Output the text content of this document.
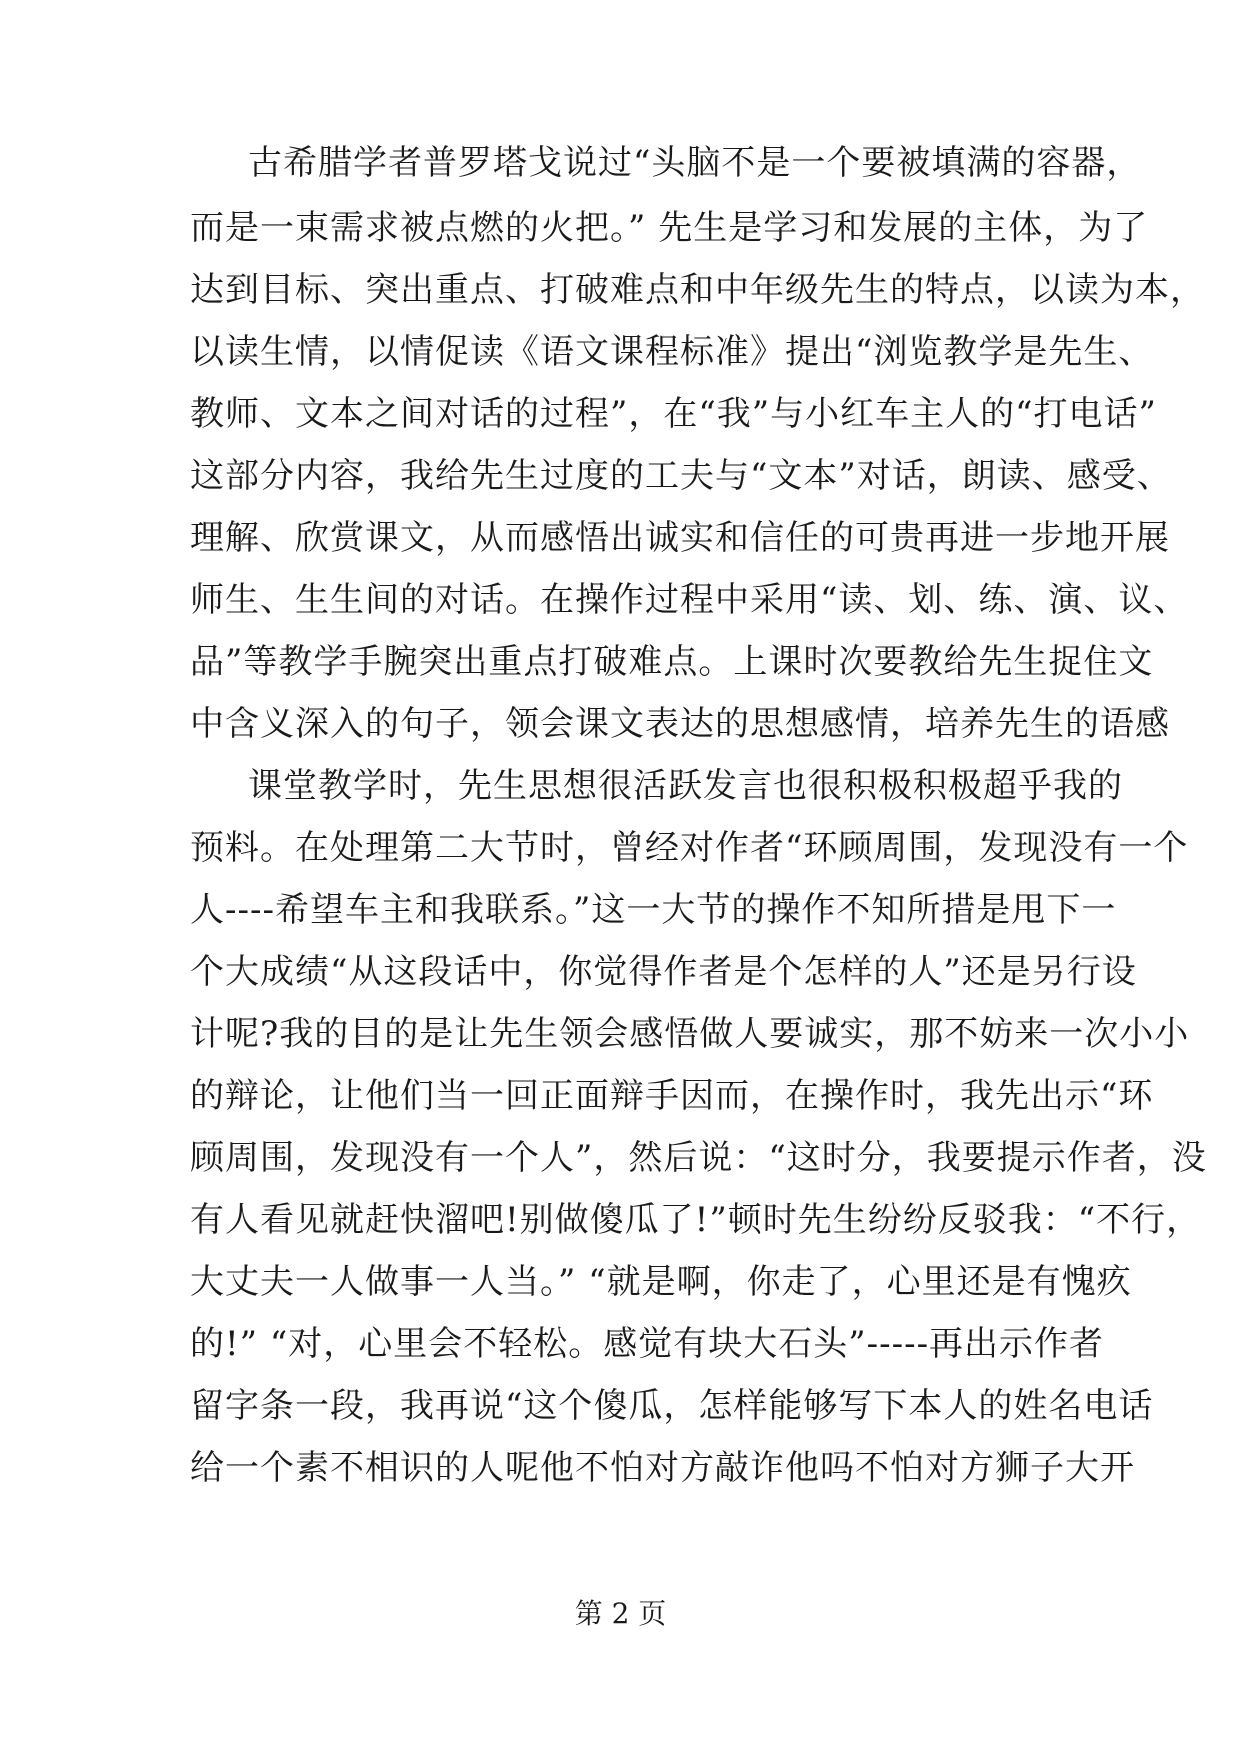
古希腊学者普罗塔戈说过“头脑不是一个要被填满的容器，
而是一束需求被点燃的火把。” 先生是学习和发展的主体，为了
达到目标、突出重点、打破难点和中年级先生的特点，以读为本，
以读生情，以情促读《语文课程标准》提出“浏览教学是先生、
教师、文本之间对话的过程”，在“我”与小红车主人的“打电话”
这部分内容，我给先生过度的工夫与“文本”对话，朗读、感受、
理解、欣赏课文，从而感悟出诚实和信任的可贵再进一步地开展
师生、生生间的对话。在操作过程中采用“读、划、练、演、议、
品”等教学手腕突出重点打破难点。上课时次要教给先生捉住文
中含义深入的句子，领会课文表达的思想感情，培养先生的语感
课堂教学时，先生思想很活跃发言也很积极积极超乎我的
预料。在处理第二大节时，曾经对作者“环顾周围，发现没有一个
人----希望车主和我联系。”这一大节的操作不知所措是甩下一
个大成绩“从这段话中，你觉得作者是个怎样的人”还是另行设
计呢?我的目的是让先生领会感悟做人要诚实，那不妨来一次小小
的辩论，让他们当一回正面辩手因而，在操作时，我先出示“环
顾周围，发现没有一个人”，然后说：“这时分，我要提示作者，没
有人看见就赶快溜吧!别做傻瓜了!”顿时先生纷纷反驳我：“不行，
大丈夫一人做事一人当。” “就是啊，你走了，心里还是有愧疚
的!” “对，心里会不轻松。感觉有块大石头”-----再出示作者
留字条一段，我再说“这个傻瓜，怎样能够写下本人的姓名电话
给一个素不相识的人呢他不怕对方敲诈他吗不怕对方狮子大开
第 2 页
